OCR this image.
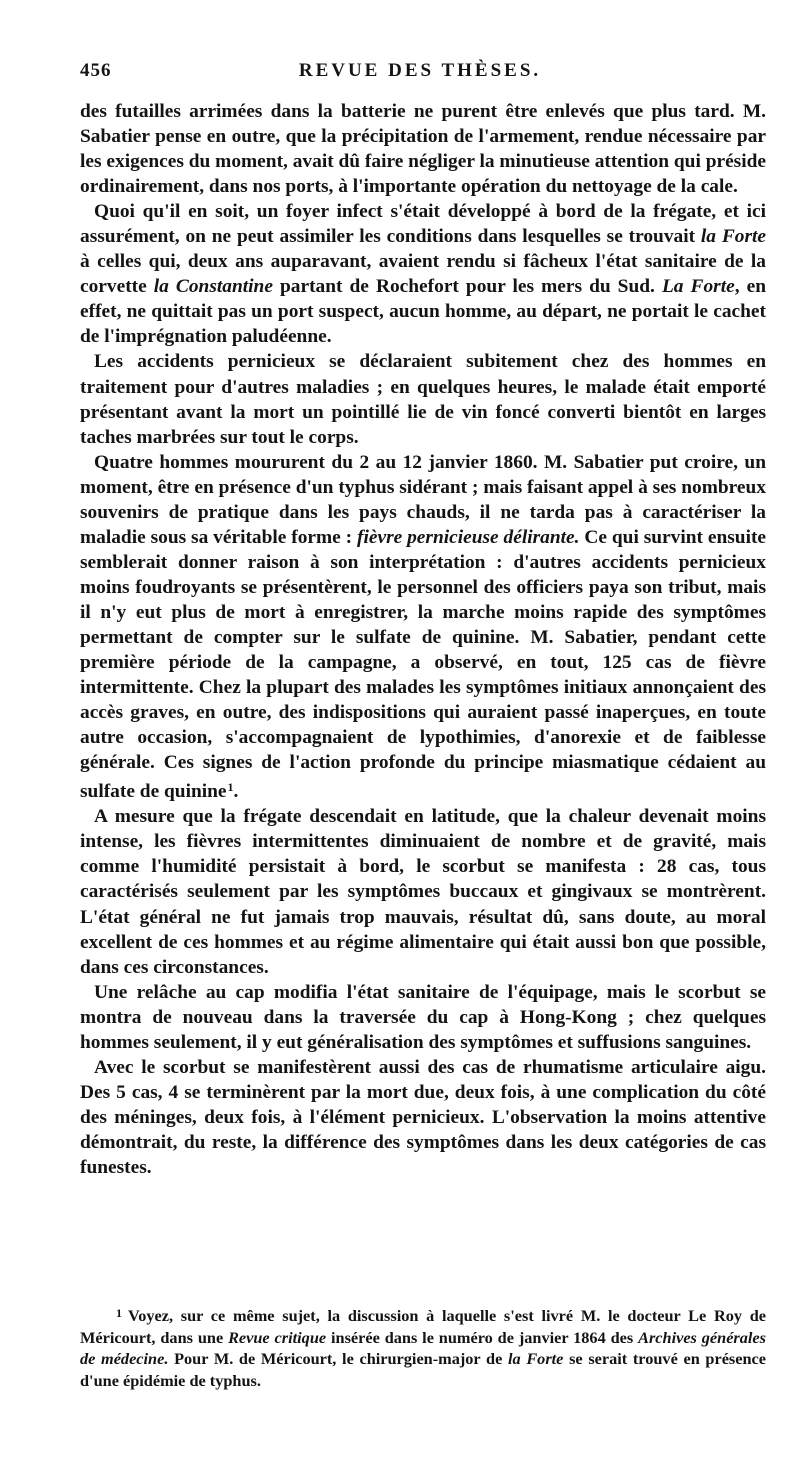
456	REVUE DES THÈSES.

des futailles arrimées dans la batterie ne purent être enlevés que plus tard. M. Sabatier pense en outre, que la précipitation de l'armement, rendue nécessaire par les exigences du moment, avait dû faire négliger la minutieuse attention qui préside ordinairement, dans nos ports, à l'importante opération du nettoyage de la cale.

Quoi qu'il en soit, un foyer infect s'était développé à bord de la frégate, et ici assurément, on ne peut assimiler les conditions dans lesquelles se trouvait la Forte à celles qui, deux ans auparavant, avaient rendu si fâcheux l'état sanitaire de la corvette la Constantine partant de Rochefort pour les mers du Sud. La Forte, en effet, ne quittait pas un port suspect, aucun homme, au départ, ne portait le cachet de l'imprégnation paludéenne.

Les accidents pernicieux se déclaraient subitement chez des hommes en traitement pour d'autres maladies ; en quelques heures, le malade était emporté présentant avant la mort un pointillé lie de vin foncé converti bientôt en larges taches marbrées sur tout le corps.

Quatre hommes moururent du 2 au 12 janvier 1860. M. Sabatier put croire, un moment, être en présence d'un typhus sidérant ; mais faisant appel à ses nombreux souvenirs de pratique dans les pays chauds, il ne tarda pas à caractériser la maladie sous sa véritable forme : fièvre pernicieuse délirante. Ce qui survint ensuite semblerait donner raison à son interprétation : d'autres accidents pernicieux moins foudroyants se présentèrent, le personnel des officiers paya son tribut, mais il n'y eut plus de mort à enregistrer, la marche moins rapide des symptômes permettant de compter sur le sulfate de quinine. M. Sabatier, pendant cette première période de la campagne, a observé, en tout, 125 cas de fièvre intermittente. Chez la plupart des malades les symptômes initiaux annonçaient des accès graves, en outre, des indispositions qui auraient passé inaperçues, en toute autre occasion, s'accompagnaient de lypothimies, d'anorexie et de faiblesse générale. Ces signes de l'action profonde du principe miasmatique cédaient au sulfate de quinine$^1$.

A mesure que la frégate descendait en latitude, que la chaleur devenait moins intense, les fièvres intermittentes diminuaient de nombre et de gravité, mais comme l'humidité persistait à bord, le scorbut se manifesta : 28 cas, tous caractérisés seulement par les symptômes buccaux et gingivaux se montrèrent. L'état général ne fut jamais trop mauvais, résultat dû, sans doute, au moral excellent de ces hommes et au régime alimentaire qui était aussi bon que possible, dans ces circonstances.

Une relâche au cap modifia l'état sanitaire de l'équipage, mais le scorbut se montra de nouveau dans la traversée du cap à Hong-Kong ; chez quelques hommes seulement, il y eut généralisation des symptômes et suffusions sanguines.

Avec le scorbut se manifestèrent aussi des cas de rhumatisme articulaire aigu. Des 5 cas, 4 se terminèrent par la mort due, deux fois, à une complication du côté des méninges, deux fois, à l'élément pernicieux. L'observation la moins attentive démontrait, du reste, la différence des symptômes dans les deux catégories de cas funestes.

1 Voyez, sur ce même sujet, la discussion à laquelle s'est livré M. le docteur Le Roy de Méricourt, dans une Revue critique insérée dans le numéro de janvier 1864 des Archives générales de médecine. Pour M. de Méricourt, le chirurgien-major de la Forte se serait trouvé en présence d'une épidémie de typhus.
